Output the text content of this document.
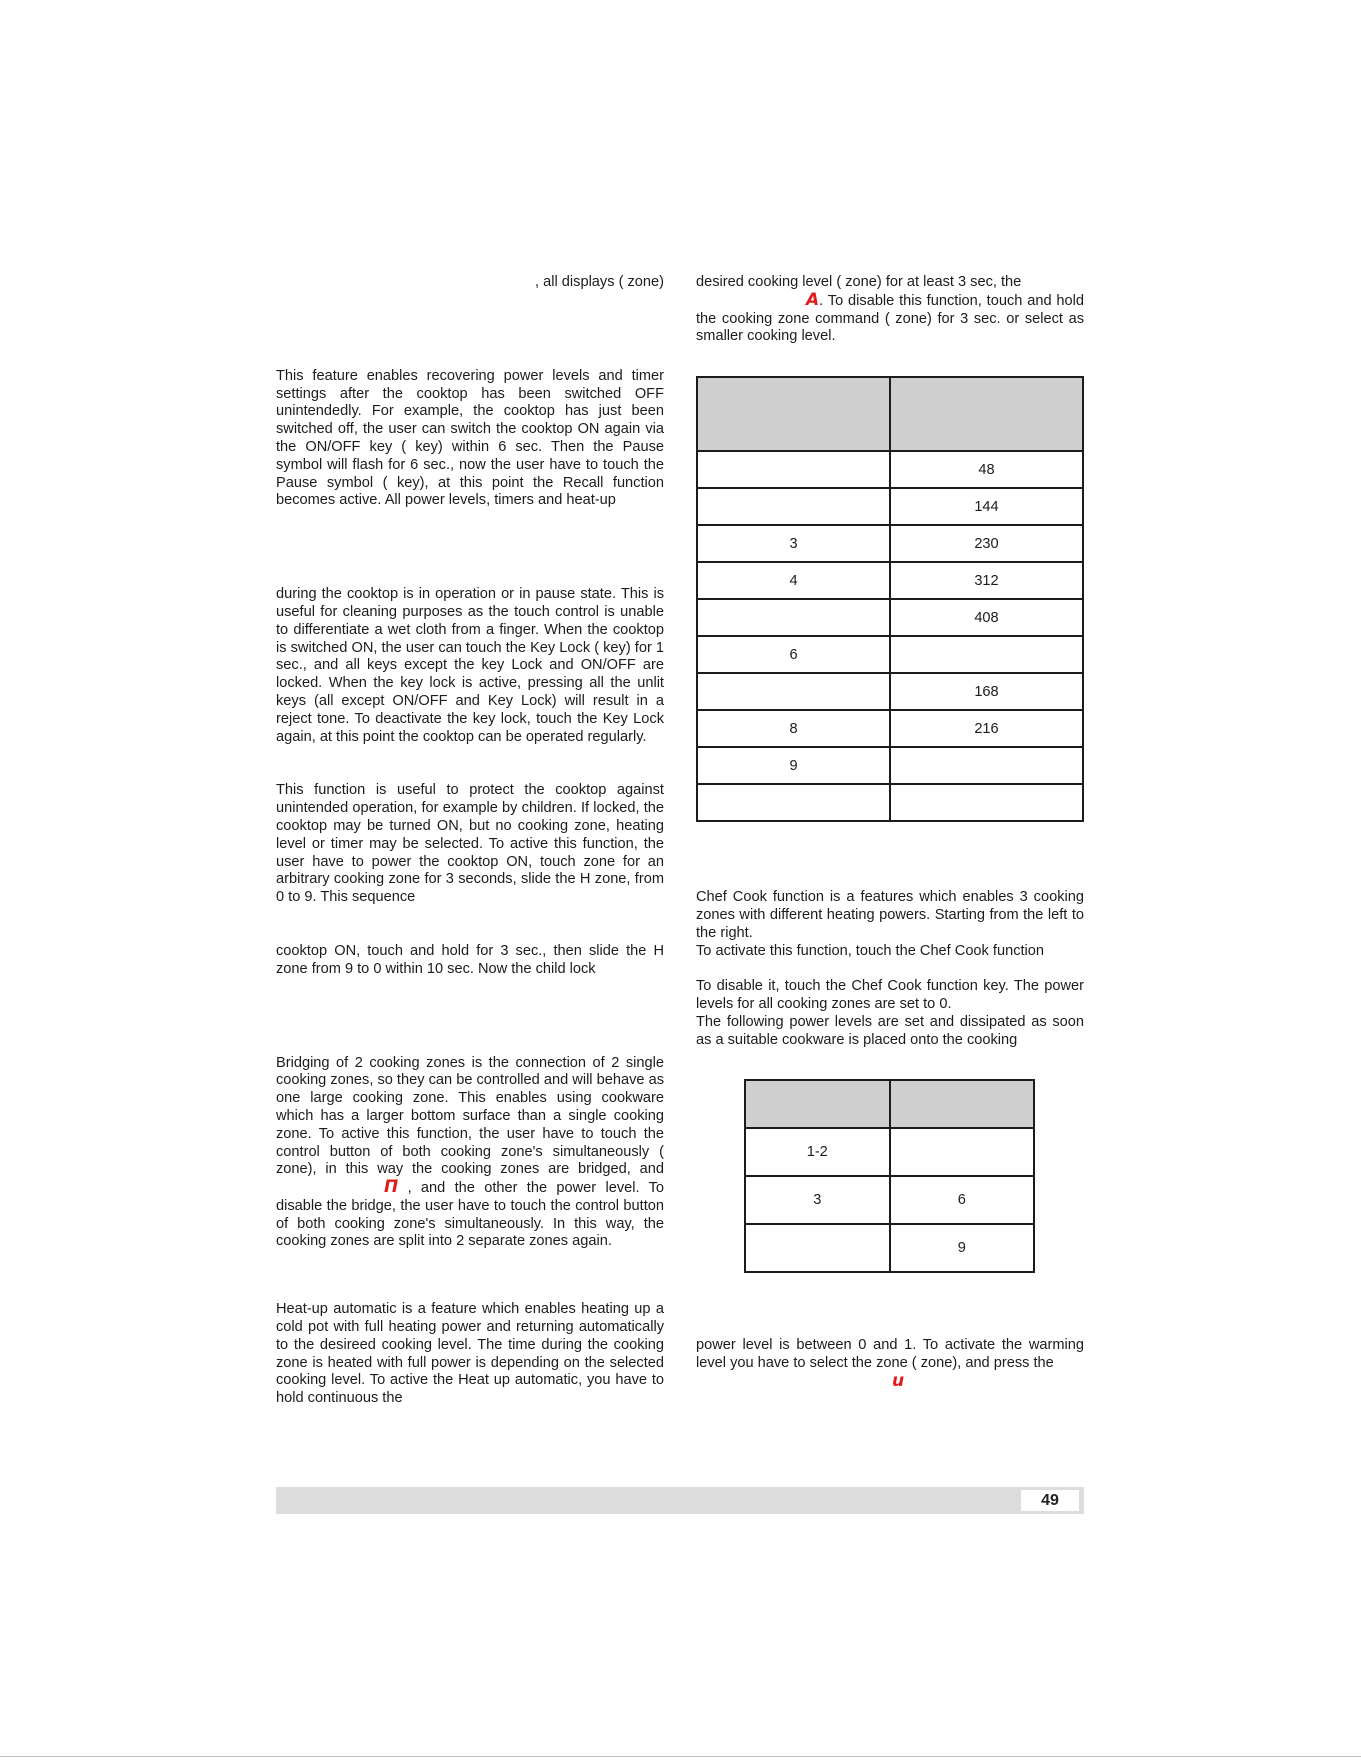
, all displays ( zone)

This feature enables recovering power levels and timer settings after the cooktop has been switched OFF unintendedly. For example, the cooktop has just been switched off, the user can switch the cooktop ON again via the ON/OFF key ( key) within 6 sec. Then the Pause symbol will flash for 6 sec., now the user have to touch the Pause symbol ( key), at this point the Recall function becomes active. All power levels, timers and heat-up

during the cooktop is in operation or in pause state. This is useful for cleaning purposes as the touch control is unable to differentiate a wet cloth from a finger. When the cooktop is switched ON, the user can touch the Key Lock ( key) for 1 sec., and all keys except the key Lock and ON/OFF are locked. When the key lock is active, pressing all the unlit keys (all except ON/OFF and Key Lock) will result in a reject tone. To deactivate the key lock, touch the Key Lock again, at this point the cooktop can be operated regularly.

This function is useful to protect the cooktop against unintended operation, for example by children. If locked, the cooktop may be turned ON, but no cooking zone, heating level or timer may be selected. To active this function, the user have to power the cooktop ON, touch zone for an arbitrary cooking zone for 3 seconds, slide the H zone, from 0 to 9. This sequence

cooktop ON, touch and hold for 3 sec., then slide the H zone from 9 to 0 within 10 sec. Now the child lock

Bridging of 2 cooking zones is the connection of 2 single cooking zones, so they can be controlled and will behave as one large cooking zone. This enables using cookware which has a larger bottom surface than a single cooking zone. To active this function, the user have to touch the control button of both cooking zone's simultaneously ( zone), in this way the cooking zones are bridged, and П , and the other the power level. To disable the bridge, the user have to touch the control button of both cooking zone's simultaneously. In this way, the cooking zones are split into 2 separate zones again.

Heat-up automatic is a feature which enables heating up a cold pot with full heating power and returning automatically to the desireed cooking level. The time during the cooking zone is heated with full power is depending on the selected cooking level. To active the Heat up automatic, you have to hold continuous the

desired cooking level ( zone) for at least 3 sec, the
A. To disable this function, touch and hold the cooking zone command ( zone) for 3 sec. or select as smaller cooking level.

Chef Cook function is a features which enables 3 cooking zones with different heating powers. Starting from the left to the right.

To activate this function, touch the Chef Cook function

To disable it, touch the Chef Cook function key. The power levels for all cooking zones are set to 0.

The following power levels are set and dissipated as soon as a suitable cookware is placed onto the cooking

power level is between 0 and 1. To activate the warming level you have to select the zone ( zone), and press the

u

	48
	144
3	230
4	312
	408
6	
	168
8	216
9	

1-2	
3	6
	9
49
